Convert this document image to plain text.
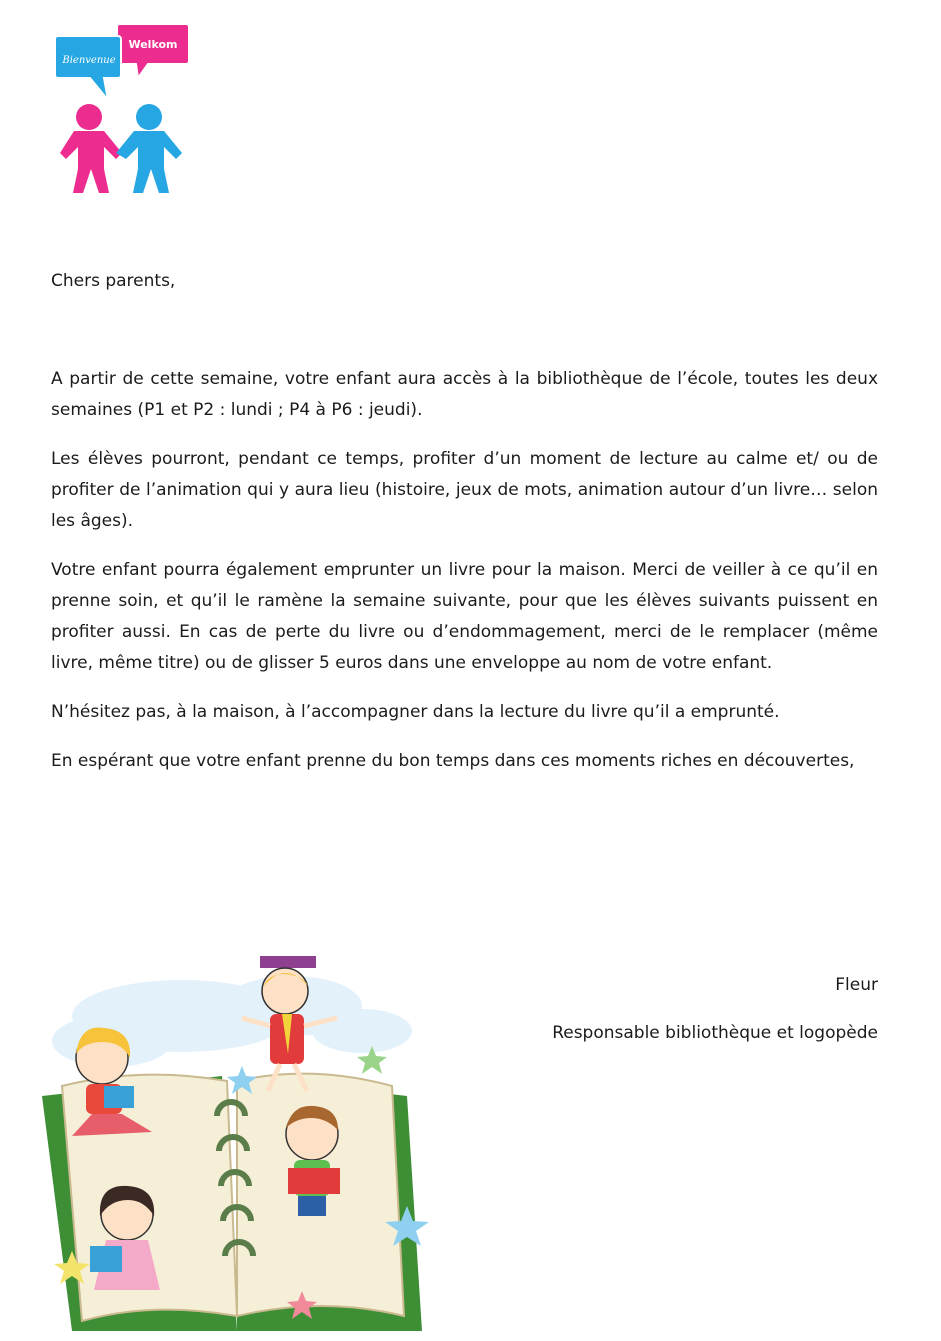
Welkom
Bienvenue

Chers parents,

A partir de cette semaine, votre enfant aura accès à la bibliothèque de l’école, toutes les deux semaines (P1 et P2 : lundi ; P4 à P6 : jeudi).

Les élèves pourront, pendant ce temps, profiter d’un moment de lecture au calme et/ ou de profiter de l’animation qui y aura lieu (histoire, jeux de mots, animation autour d’un livre… selon les âges).

Votre enfant pourra également emprunter un livre pour la maison. Merci de veiller à ce qu’il en prenne soin, et qu’il le ramène la semaine suivante, pour que les élèves suivants puissent en profiter aussi. En cas de perte du livre ou d’endommagement, merci de le remplacer (même livre, même titre) ou de glisser 5 euros dans une enveloppe au nom de votre enfant.

N’hésitez pas, à la maison, à l’accompagner dans la lecture du livre qu’il a emprunté.

En espérant que votre enfant prenne du bon temps dans ces moments riches en découvertes,

Fleur
Responsable bibliothèque et logopède
